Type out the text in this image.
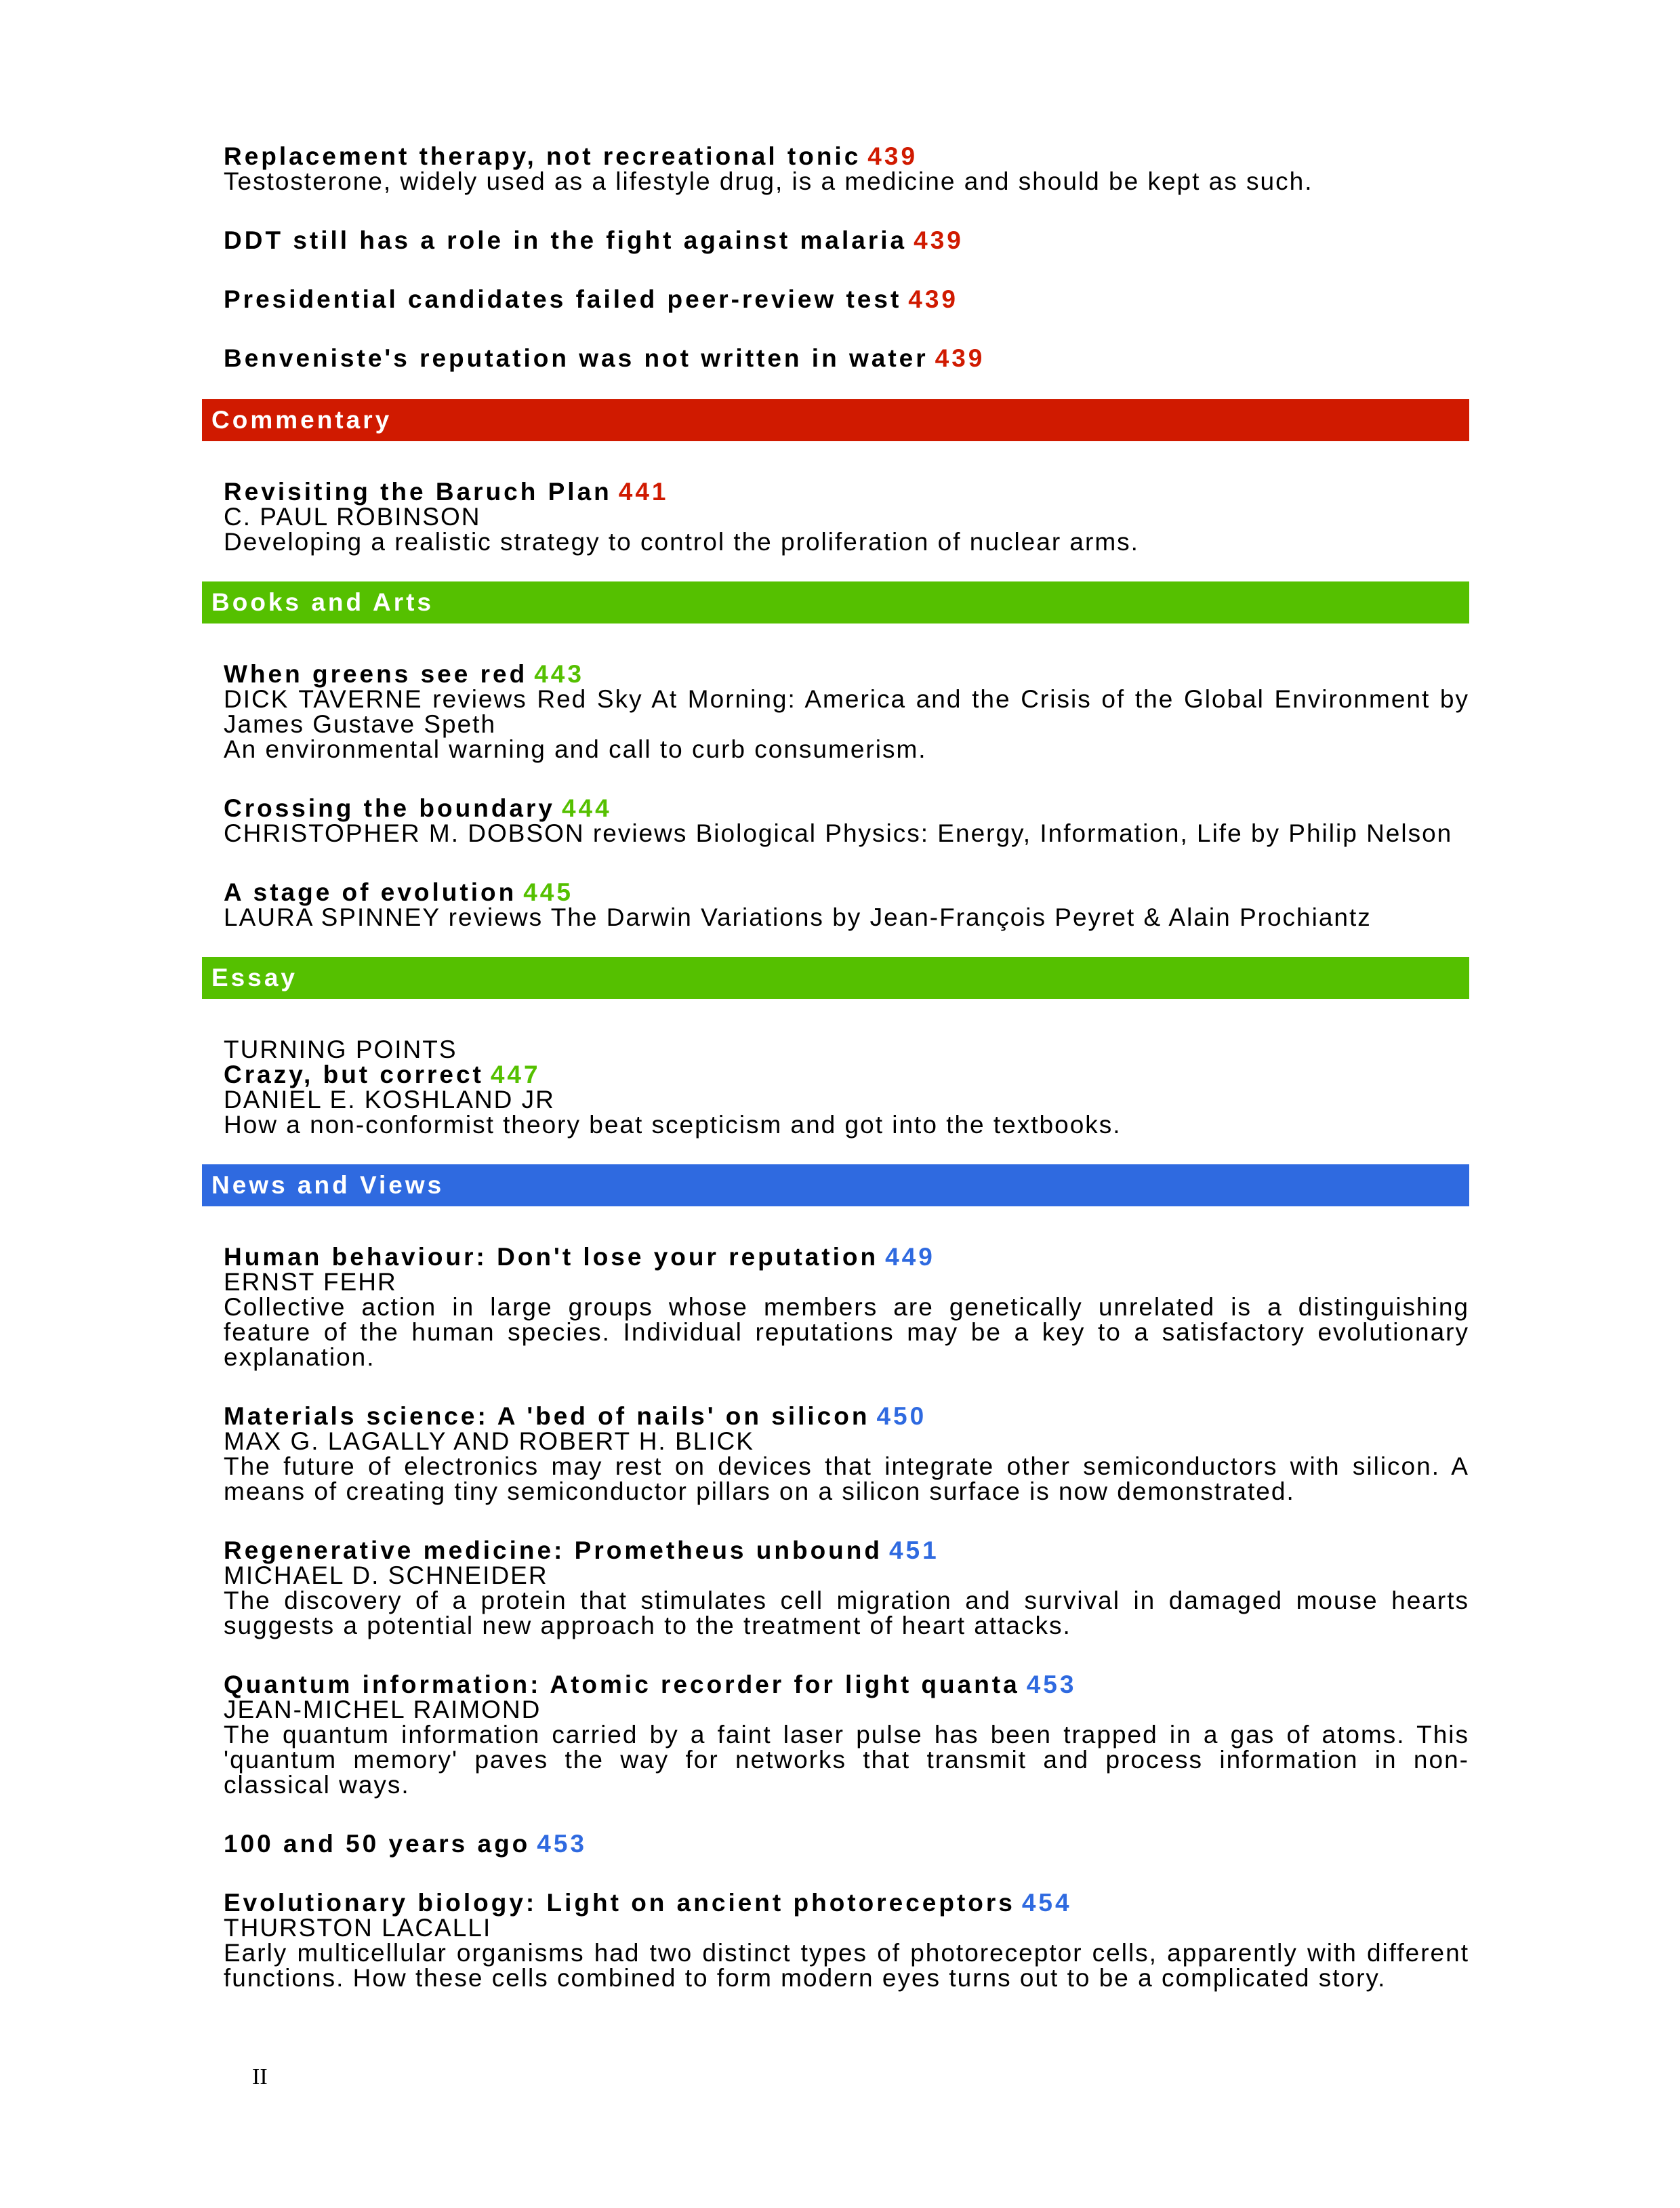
Replacement therapy, not recreational tonic 439
Testosterone, widely used as a lifestyle drug, is a medicine and should be kept as such.
DDT still has a role in the fight against malaria 439
Presidential candidates failed peer-review test 439
Benveniste's reputation was not written in water 439
Commentary
Revisiting the Baruch Plan 441
C. PAUL ROBINSON
Developing a realistic strategy to control the proliferation of nuclear arms.
Books and Arts
When greens see red 443
DICK TAVERNE reviews Red Sky At Morning: America and the Crisis of the Global Environment by James Gustave Speth
An environmental warning and call to curb consumerism.
Crossing the boundary 444
CHRISTOPHER M. DOBSON reviews Biological Physics: Energy, Information, Life by Philip Nelson
A stage of evolution 445
LAURA SPINNEY reviews The Darwin Variations by Jean-François Peyret & Alain Prochiantz
Essay
TURNING POINTS
Crazy, but correct 447
DANIEL E. KOSHLAND JR
How a non-conformist theory beat scepticism and got into the textbooks.
News and Views
Human behaviour: Don't lose your reputation 449
ERNST FEHR
Collective action in large groups whose members are genetically unrelated is a distinguishing feature of the human species. Individual reputations may be a key to a satisfactory evolutionary explanation.
Materials science: A 'bed of nails' on silicon 450
MAX G. LAGALLY AND ROBERT H. BLICK
The future of electronics may rest on devices that integrate other semiconductors with silicon. A means of creating tiny semiconductor pillars on a silicon surface is now demonstrated.
Regenerative medicine: Prometheus unbound 451
MICHAEL D. SCHNEIDER
The discovery of a protein that stimulates cell migration and survival in damaged mouse hearts suggests a potential new approach to the treatment of heart attacks.
Quantum information: Atomic recorder for light quanta 453
JEAN-MICHEL RAIMOND
The quantum information carried by a faint laser pulse has been trapped in a gas of atoms. This 'quantum memory' paves the way for networks that transmit and process information in non-classical ways.
100 and 50 years ago 453
Evolutionary biology: Light on ancient photoreceptors 454
THURSTON LACALLI
Early multicellular organisms had two distinct types of photoreceptor cells, apparently with different functions. How these cells combined to form modern eyes turns out to be a complicated story.
II
